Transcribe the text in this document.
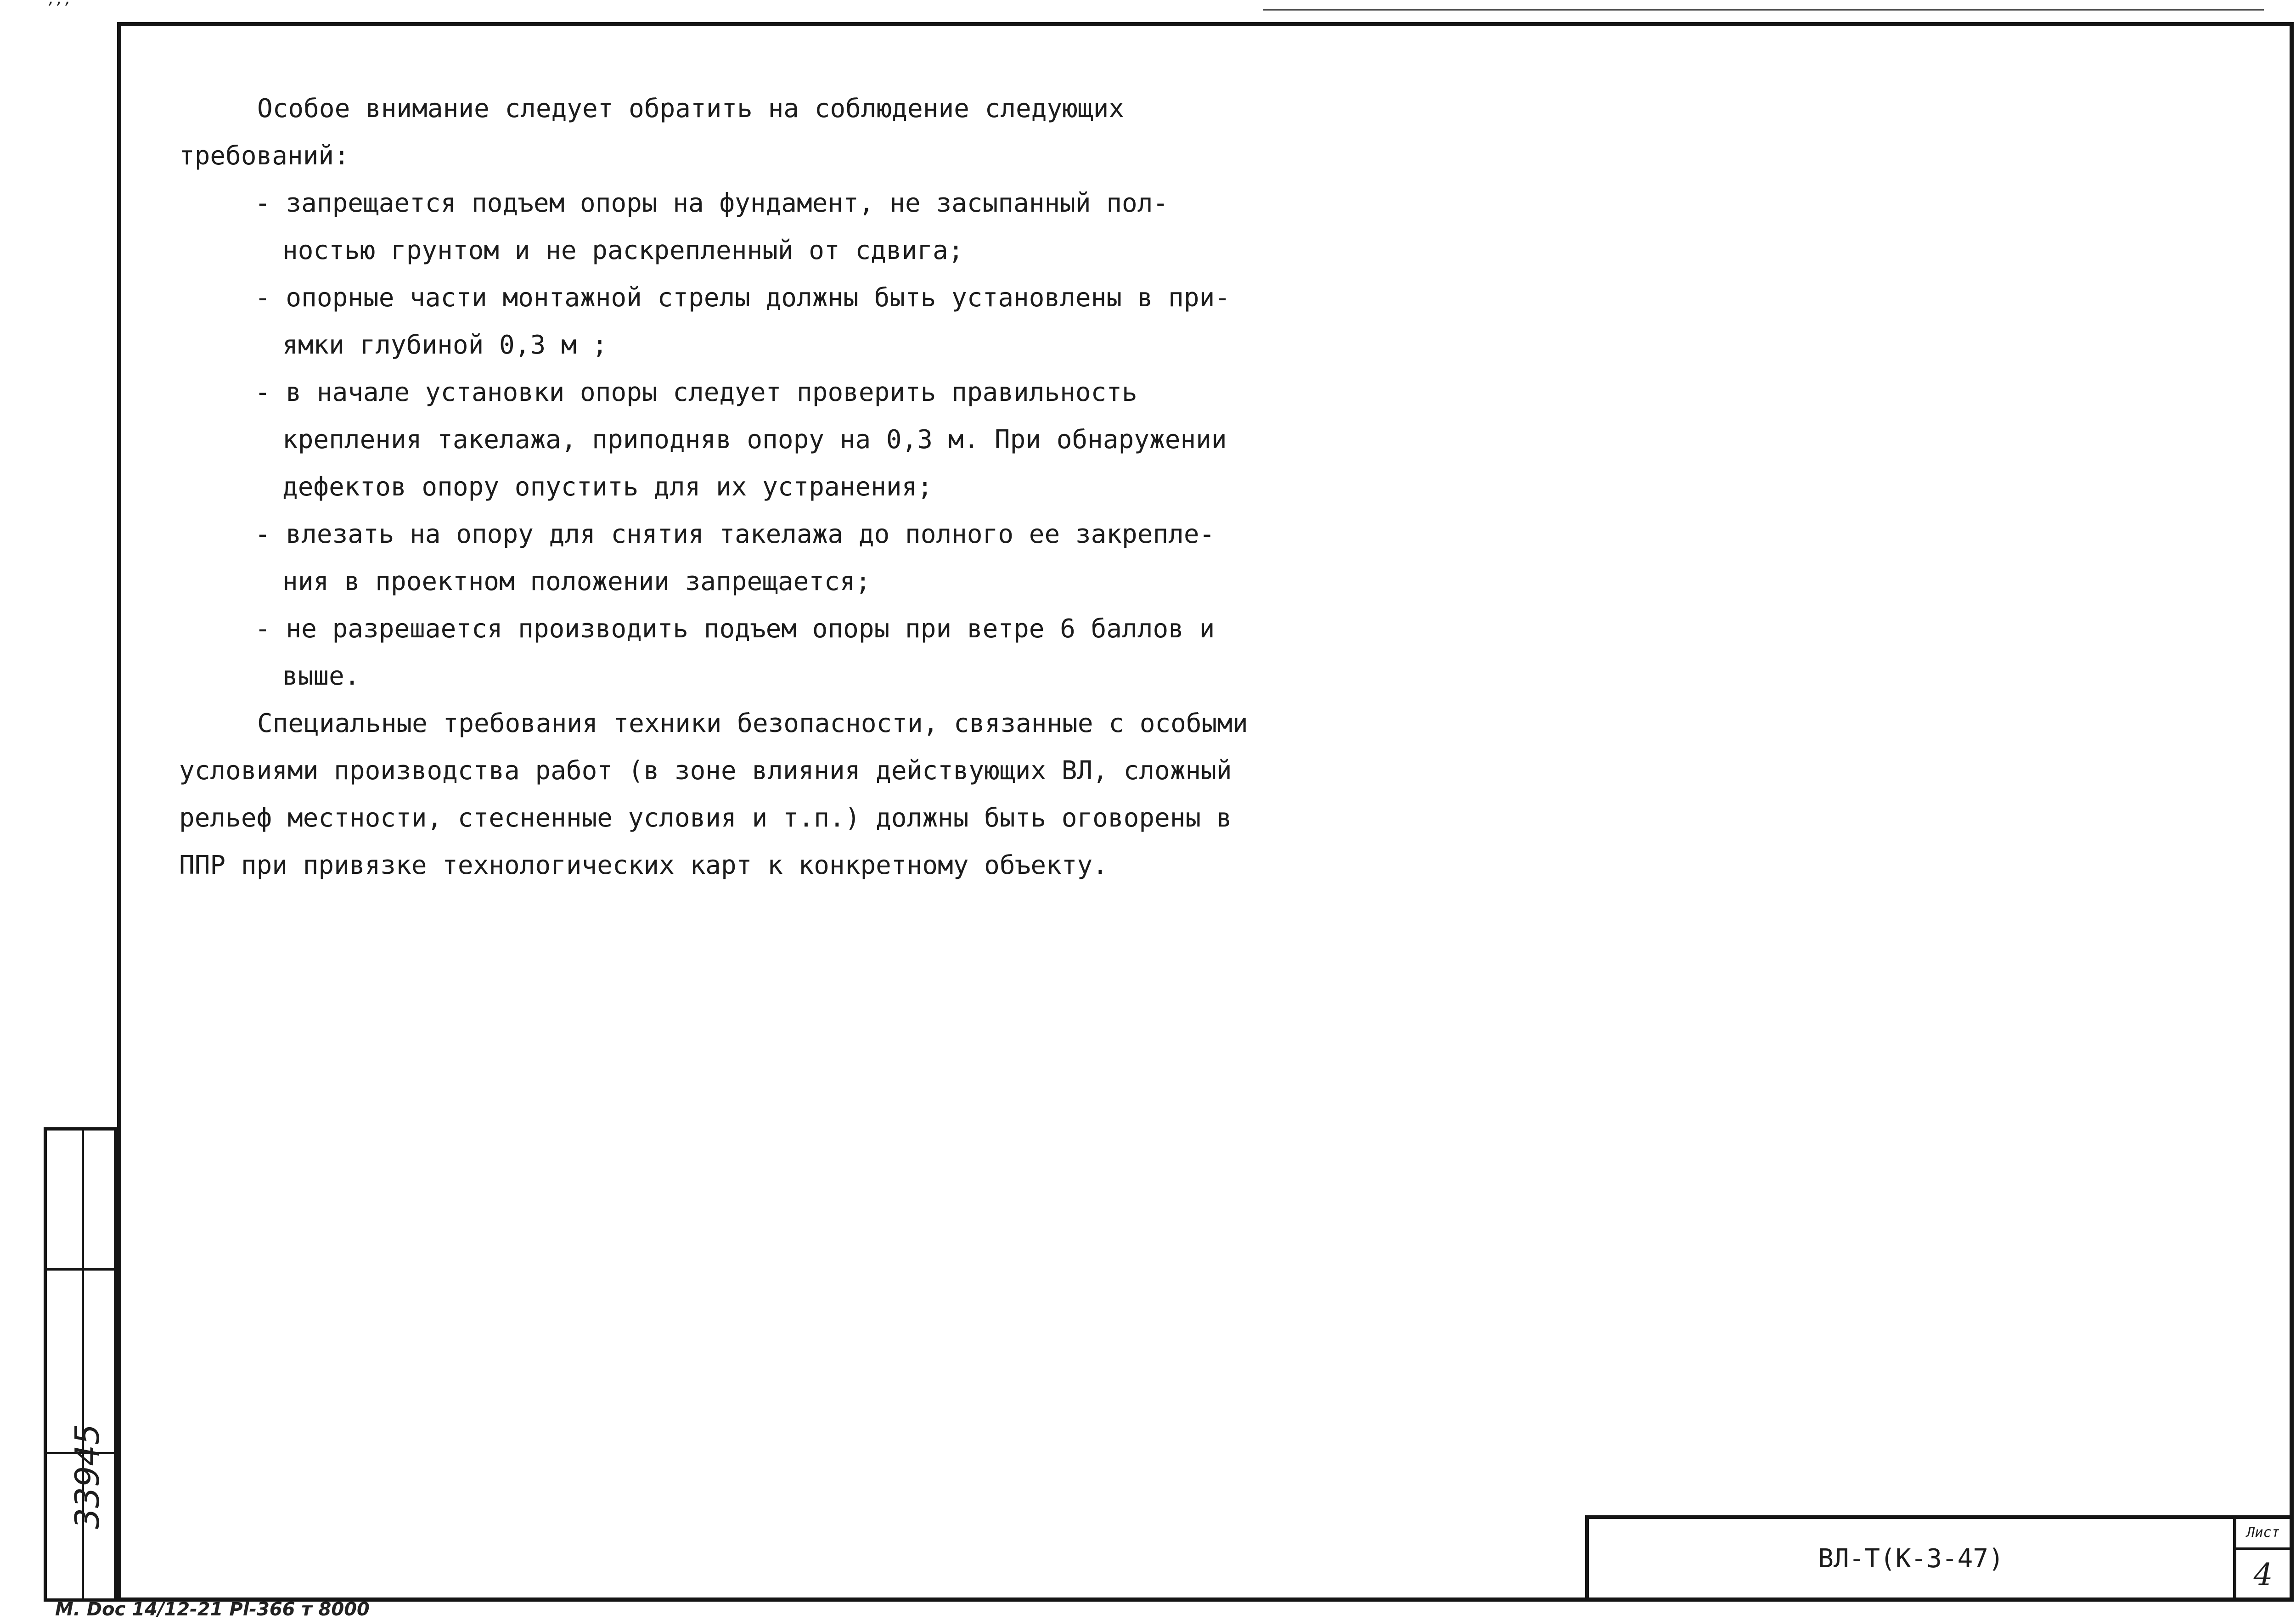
ʼʼʼ

Особое внимание следует обратить на соблюдение следующих

требований:

- запрещается подъем опоры на фундамент, не засыпанный пол-

ностью грунтом и не раскрепленный от сдвига;

- опорные части монтажной стрелы должны быть установлены в при-

ямки глубиной 0,3 м ;

- в начале установки опоры следует проверить правильность

крепления такелажа, приподняв опору на 0,3 м. При обнаружении

дефектов опору опустить для их устранения;

- влезать на опору для снятия такелажа до полного ее закрепле-

ния в проектном положении запрещается;

- не разрешается производить подъем опоры при ветре 6 баллов и

выше.

Специальные требования техники безопасности, связанные с особыми

условиями производства работ (в зоне влияния действующих ВЛ, сложный

рельеф местности, стесненные условия и т.п.) должны быть оговорены в

ППР при привязке технологических карт к конкретному объекту.

ВЛ-Т(К-3-47)
Лист
4
33945
М. Doc 14/12-21 Pl-366 т 8000
